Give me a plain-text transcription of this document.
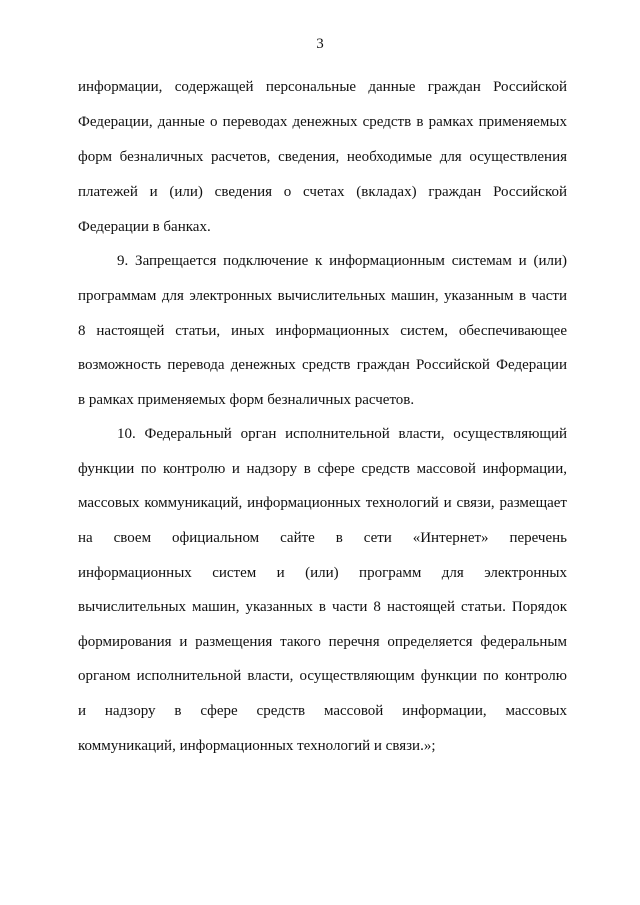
3
информации, содержащей персональные данные граждан Российской
Федерации, данные о переводах денежных средств в рамках применяемых
форм безналичных расчетов, сведения, необходимые для осуществления
платежей и (или) сведения о счетах (вкладах) граждан Российской
Федерации в банках.
9. Запрещается подключение к информационным системам и (или)
программам для электронных вычислительных машин, указанным в части
8 настоящей статьи, иных информационных систем, обеспечивающее
возможность перевода денежных средств граждан Российской Федерации
в рамках применяемых форм безналичных расчетов.
10. Федеральный орган исполнительной власти, осуществляющий
функции по контролю и надзору в сфере средств массовой информации,
массовых коммуникаций, информационных технологий и связи, размещает
на своем официальном сайте в сети «Интернет» перечень
информационных систем и (или) программ для электронных
вычислительных машин, указанных в части 8 настоящей статьи. Порядок
формирования и размещения такого перечня определяется федеральным
органом исполнительной власти, осуществляющим функции по контролю
и надзору в сфере средств массовой информации, массовых
коммуникаций, информационных технологий и связи.»;
